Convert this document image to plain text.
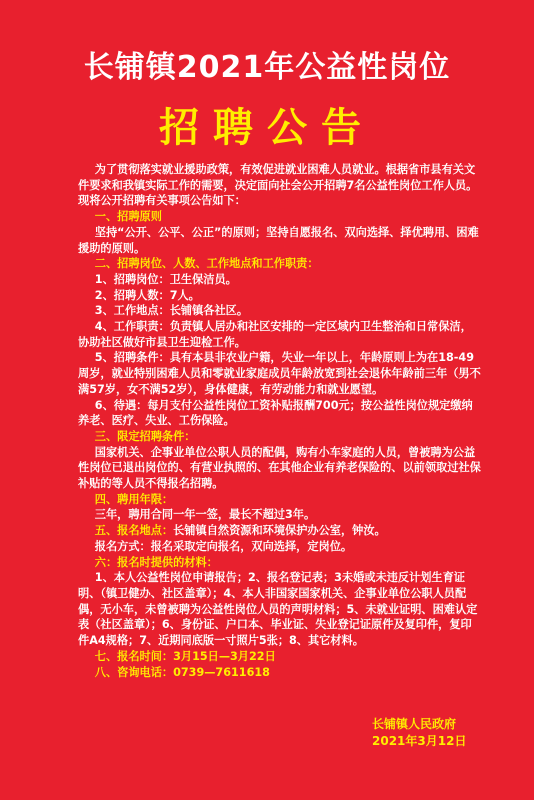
长铺镇2021年公益性岗位
招聘公告

为了贯彻落实就业援助政策，有效促进就业困难人员就业。根据省市县有关文件要求和我镇实际工作的需要，决定面向社会公开招聘7名公益性岗位工作人员。现将公开招聘有关事项公告如下：

一、招聘原则

坚持“公开、公平、公正”的原则；坚持自愿报名、双向选择、择优聘用、困难援助的原则。

二、招聘岗位、人数、工作地点和工作职责：

1、招聘岗位：卫生保洁员。

2、招聘人数：7人。

3、工作地点：长铺镇各社区。

4、工作职责：负责镇人居办和社区安排的一定区域内卫生整治和日常保洁，协助社区做好市县卫生迎检工作。

5、招聘条件：具有本县非农业户籍，失业一年以上，年龄原则上为在18-49周岁，就业特别困难人员和零就业家庭成员年龄放宽到社会退休年龄前三年（男不满57岁，女不满52岁），身体健康，有劳动能力和就业愿望。

6、待遇：每月支付公益性岗位工资补贴报酬700元；按公益性岗位规定缴纳养老、医疗、失业、工伤保险。

三、限定招聘条件：

国家机关、企事业单位公职人员的配偶，购有小车家庭的人员，曾被聘为公益性岗位已退出岗位的、有营业执照的、在其他企业有养老保险的、以前领取过社保补贴的等人员不得报名招聘。

四、聘用年限：

三年，聘用合同一年一签，最长不超过3年。

五、报名地点：长铺镇自然资源和环境保护办公室，钟汝。

报名方式：报名采取定向报名，双向选择，定岗位。

六：报名时提供的材料：

1、本人公益性岗位申请报告；2、报名登记表；3未婚或未违反计划生育证明、（镇卫健办、社区盖章）；4、本人非国家国家机关、企事业单位公职人员配偶，无小车，未曾被聘为公益性岗位人员的声明材料；5、未就业证明、困难认定表（社区盖章）；6、身份证、户口本、毕业证、失业登记证原件及复印件，复印件A4规格；7、近期同底版一寸照片5张；8、其它材料。

七、报名时间：3月15日—3月22日

八、咨询电话：0739—7611618

长铺镇人民政府
2021年3月12日
